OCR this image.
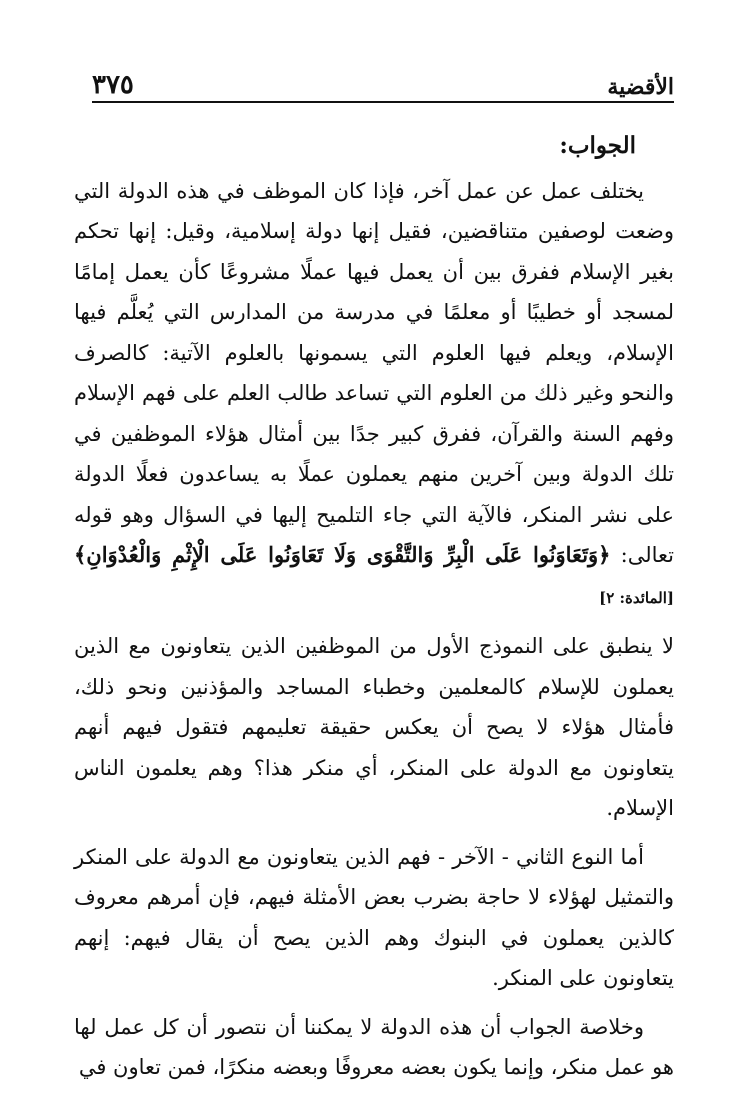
٣٧٥	الأقضية

الجواب:

يختلف عمل عن عمل آخر، فإذا كان الموظف في هذه الدولة التي وضعت لوصفين متناقضين، فقيل إنها دولة إسلامية، وقيل: إنها تحكم بغير الإسلام ففرق بين أن يعمل فيها عملًا مشروعًا كأن يعمل إمامًا لمسجد أو خطيبًا أو معلمًا في مدرسة من المدارس التي يُعلَّم فيها الإسلام، ويعلم فيها العلوم التي يسمونها بالعلوم الآتية: كالصرف والنحو وغير ذلك من العلوم التي تساعد طالب العلم على فهم الإسلام وفهم السنة والقرآن، ففرق كبير جدًا بين أمثال هؤلاء الموظفين في تلك الدولة وبين آخرين منهم يعملون عملًا به يساعدون فعلًا الدولة على نشر المنكر، فالآية التي جاء التلميح إليها في السؤال وهو قوله تعالى: ﴿وَتَعَاوَنُوا عَلَى الْبِرِّ وَالتَّقْوَى وَلَا تَعَاوَنُوا عَلَى الْإِثْمِ وَالْعُدْوَانِ﴾ [المائدة: ٢]

لا ينطبق على النموذج الأول من الموظفين الذين يتعاونون مع الذين يعملون للإسلام كالمعلمين وخطباء المساجد والمؤذنين ونحو ذلك، فأمثال هؤلاء لا يصح أن يعكس حقيقة تعليمهم فتقول فيهم أنهم يتعاونون مع الدولة على المنكر، أي منكر هذا؟ وهم يعلمون الناس الإسلام.

أما النوع الثاني - الآخر - فهم الذين يتعاونون مع الدولة على المنكر والتمثيل لهؤلاء لا حاجة بضرب بعض الأمثلة فيهم، فإن أمرهم معروف كالذين يعملون في البنوك وهم الذين يصح أن يقال فيهم: إنهم يتعاونون على المنكر.

وخلاصة الجواب أن هذه الدولة لا يمكننا أن نتصور أن كل عمل لها هو عمل منكر، وإنما يكون بعضه معروفًا وبعضه منكرًا، فمن تعاون في
